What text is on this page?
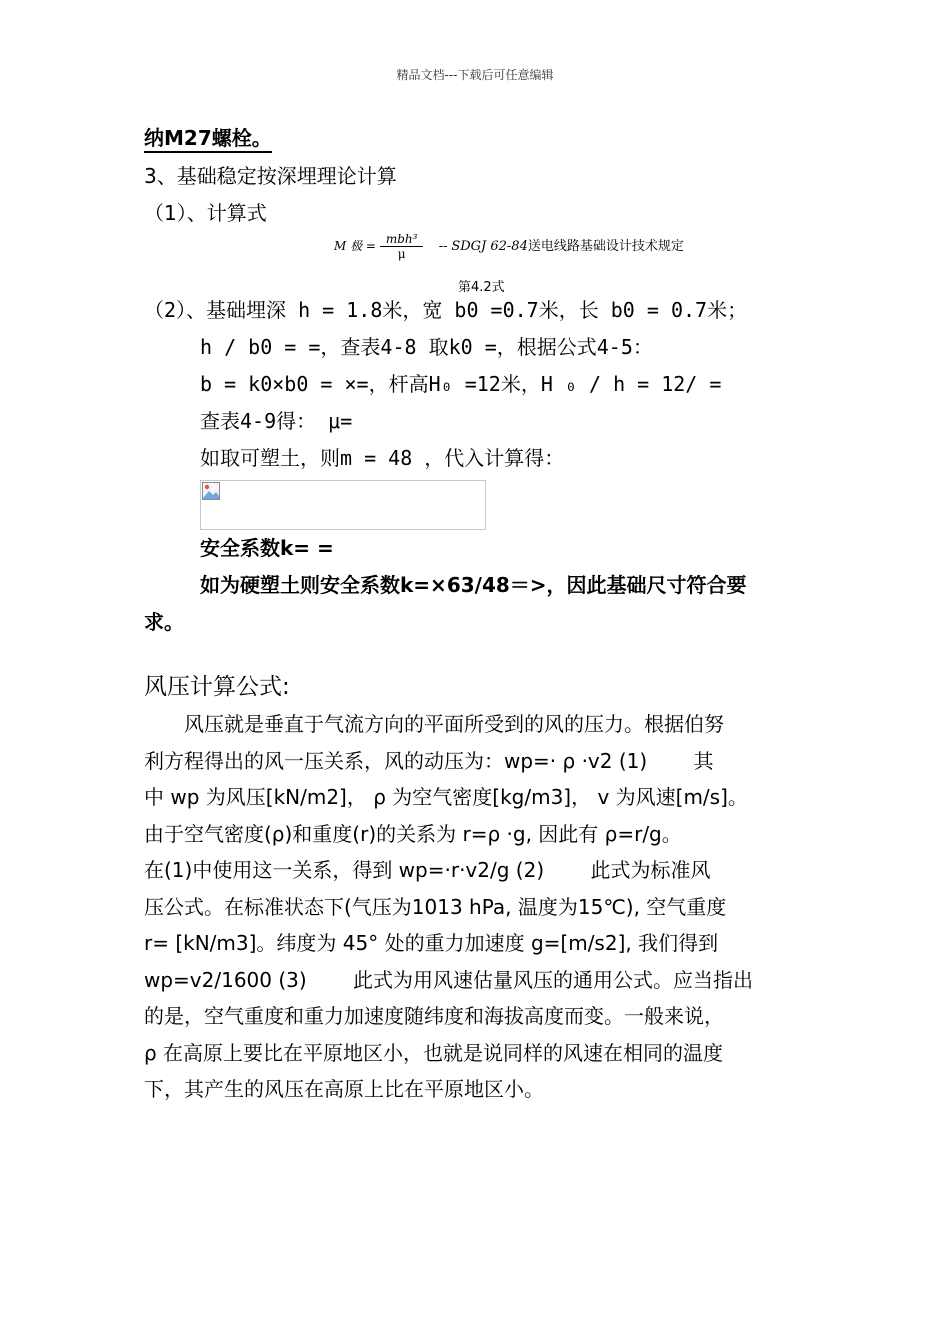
精品文档---下载后可任意编辑
纳M27螺栓。
3、基础稳定按深埋理论计算
（1）、计算式
M 极 = $\frac{\text{mbh³}}{\mu}$ -- SDGJ 62-84送电线路基础设计技术规定
第4.2式
（2）、基础埋深 h = 1.8米，宽 b0 =0.7米，长 b0 = 0.7米；
h / b0 = =，查表4-8 取k0 =，根据公式4-5：
b = k0×b0 = ×=，杆高H₀ =12米，H ₀ / h = 12/ =
查表4-9得： μ=
如取可塑土，则m = 48 ，代入计算得：
安全系数k= =
如为硬塑土则安全系数k=×63/48＝>，因此基础尺寸符合要
求。
风压计算公式:
　　风压就是垂直于气流方向的平面所受到的风的压力。根据伯努
利方程得出的风一压关系，风的动压为：wp=· ρ ·v2 (1)　　 其
中 wp 为风压[kN/m2]， ρ 为空气密度[kg/m3]， v 为风速[m/s]。
由于空气密度(ρ)和重度(r)的关系为 r=ρ ·g, 因此有 ρ=r/g。
在(1)中使用这一关系，得到 wp=·r·v2/g (2)　　 此式为标准风
压公式。在标准状态下(气压为1013 hPa, 温度为15℃), 空气重度
r= [kN/m3]。纬度为 45° 处的重力加速度 g=[m/s2], 我们得到
wp=v2/1600 (3)　　 此式为用风速估量风压的通用公式。应当指出
的是，空气重度和重力加速度随纬度和海拔高度而变。一般来说，
ρ 在高原上要比在平原地区小，也就是说同样的风速在相同的温度
下，其产生的风压在高原上比在平原地区小。
